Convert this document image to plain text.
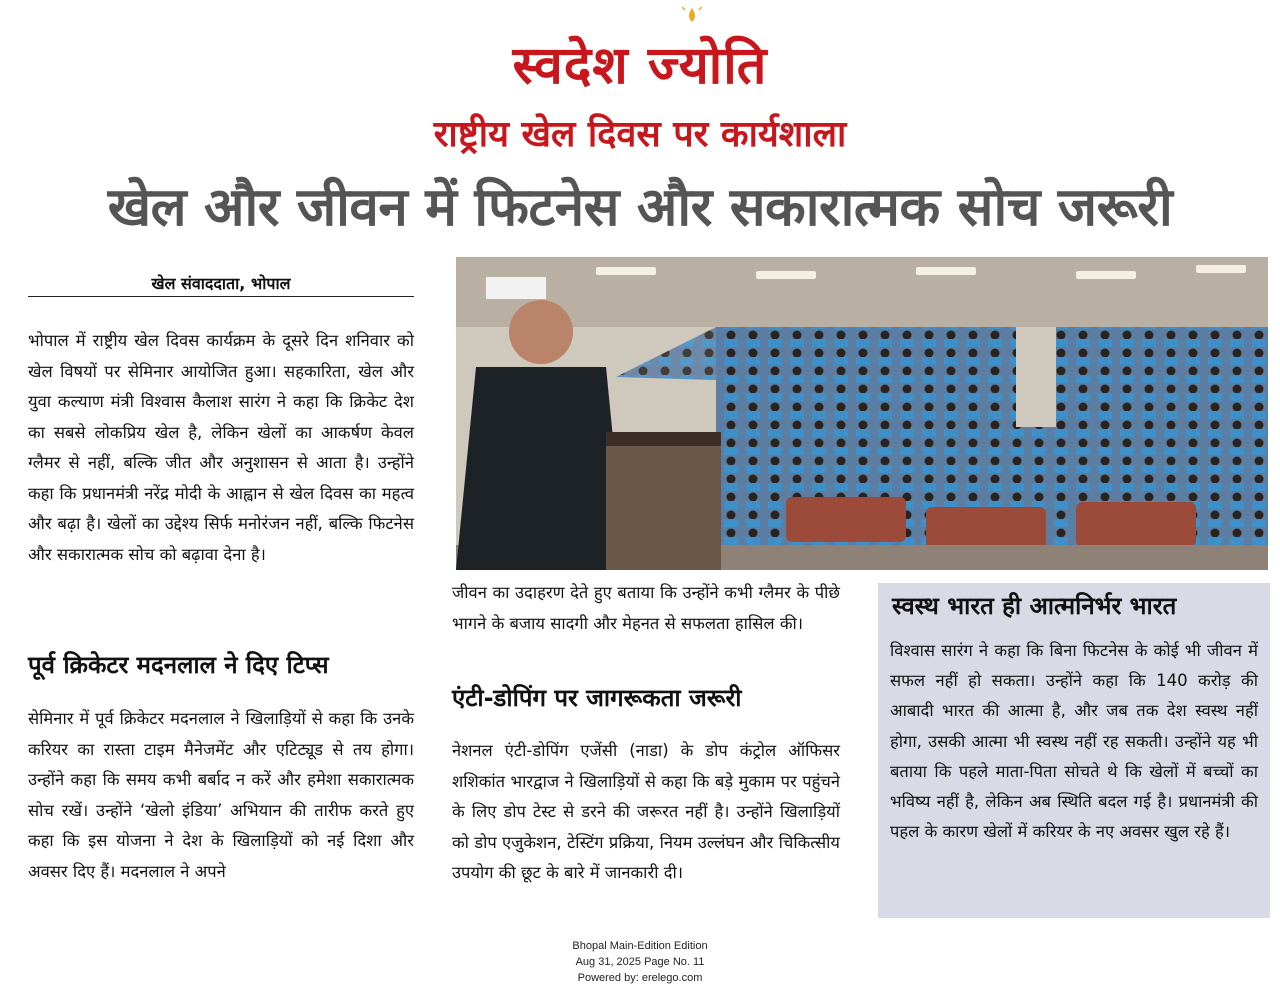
स्वदेश ज्योति
राष्ट्रीय खेल दिवस पर कार्यशाला
खेल और जीवन में फिटनेस और सकारात्मक सोच जरूरी
खेल संवाददाता, भोपाल
भोपाल में राष्ट्रीय खेल दिवस कार्यक्रम के दूसरे दिन शनिवार को खेल विषयों पर सेमिनार आयोजित हुआ। सहकारिता, खेल और युवा कल्याण मंत्री विश्वास कैलाश सारंग ने कहा कि क्रिकेट देश का सबसे लोकप्रिय खेल है, लेकिन खेलों का आकर्षण केवल ग्लैमर से नहीं, बल्कि जीत और अनुशासन से आता है। उन्होंने कहा कि प्रधानमंत्री नरेंद्र मोदी के आह्वान से खेल दिवस का महत्व और बढ़ा है। खेलों का उद्देश्य सिर्फ मनोरंजन नहीं, बल्कि फिटनेस और सकारात्मक सोच को बढ़ावा देना है।
पूर्व क्रिकेटर मदनलाल ने दिए टिप्स
सेमिनार में पूर्व क्रिकेटर मदनलाल ने खिलाड़ियों से कहा कि उनके करियर का रास्ता टाइम मैनेजमेंट और एटिट्यूड से तय होगा। उन्होंने कहा कि समय कभी बर्बाद न करें और हमेशा सकारात्मक सोच रखें। उन्होंने ‘खेलो इंडिया’ अभियान की तारीफ करते हुए कहा कि इस योजना ने देश के खिलाड़ियों को नई दिशा और अवसर दिए हैं। मदनलाल ने अपने
जीवन का उदाहरण देते हुए बताया कि उन्होंने कभी ग्लैमर के पीछे भागने के बजाय सादगी और मेहनत से सफलता हासिल की।
एंटी-डोपिंग पर जागरूकता जरूरी
नेशनल एंटी-डोपिंग एजेंसी (नाडा) के डोप कंट्रोल ऑफिसर शशिकांत भारद्वाज ने खिलाड़ियों से कहा कि बड़े मुकाम पर पहुंचने के लिए डोप टेस्ट से डरने की जरूरत नहीं है। उन्होंने खिलाड़ियों को डोप एजुकेशन, टेस्टिंग प्रक्रिया, नियम उल्लंघन और चिकित्सीय उपयोग की छूट के बारे में जानकारी दी।
स्वस्थ भारत ही आत्मनिर्भर भारत
विश्वास सारंग ने कहा कि बिना फिटनेस के कोई भी जीवन में सफल नहीं हो सकता। उन्होंने कहा कि 140 करोड़ की आबादी भारत की आत्मा है, और जब तक देश स्वस्थ नहीं होगा, उसकी आत्मा भी स्वस्थ नहीं रह सकती। उन्होंने यह भी बताया कि पहले माता-पिता सोचते थे कि खेलों में बच्चों का भविष्य नहीं है, लेकिन अब स्थिति बदल गई है। प्रधानमंत्री की पहल के कारण खेलों में करियर के नए अवसर खुल रहे हैं।
Bhopal Main-Edition Edition
Aug 31, 2025 Page No. 11
Powered by: erelego.com
